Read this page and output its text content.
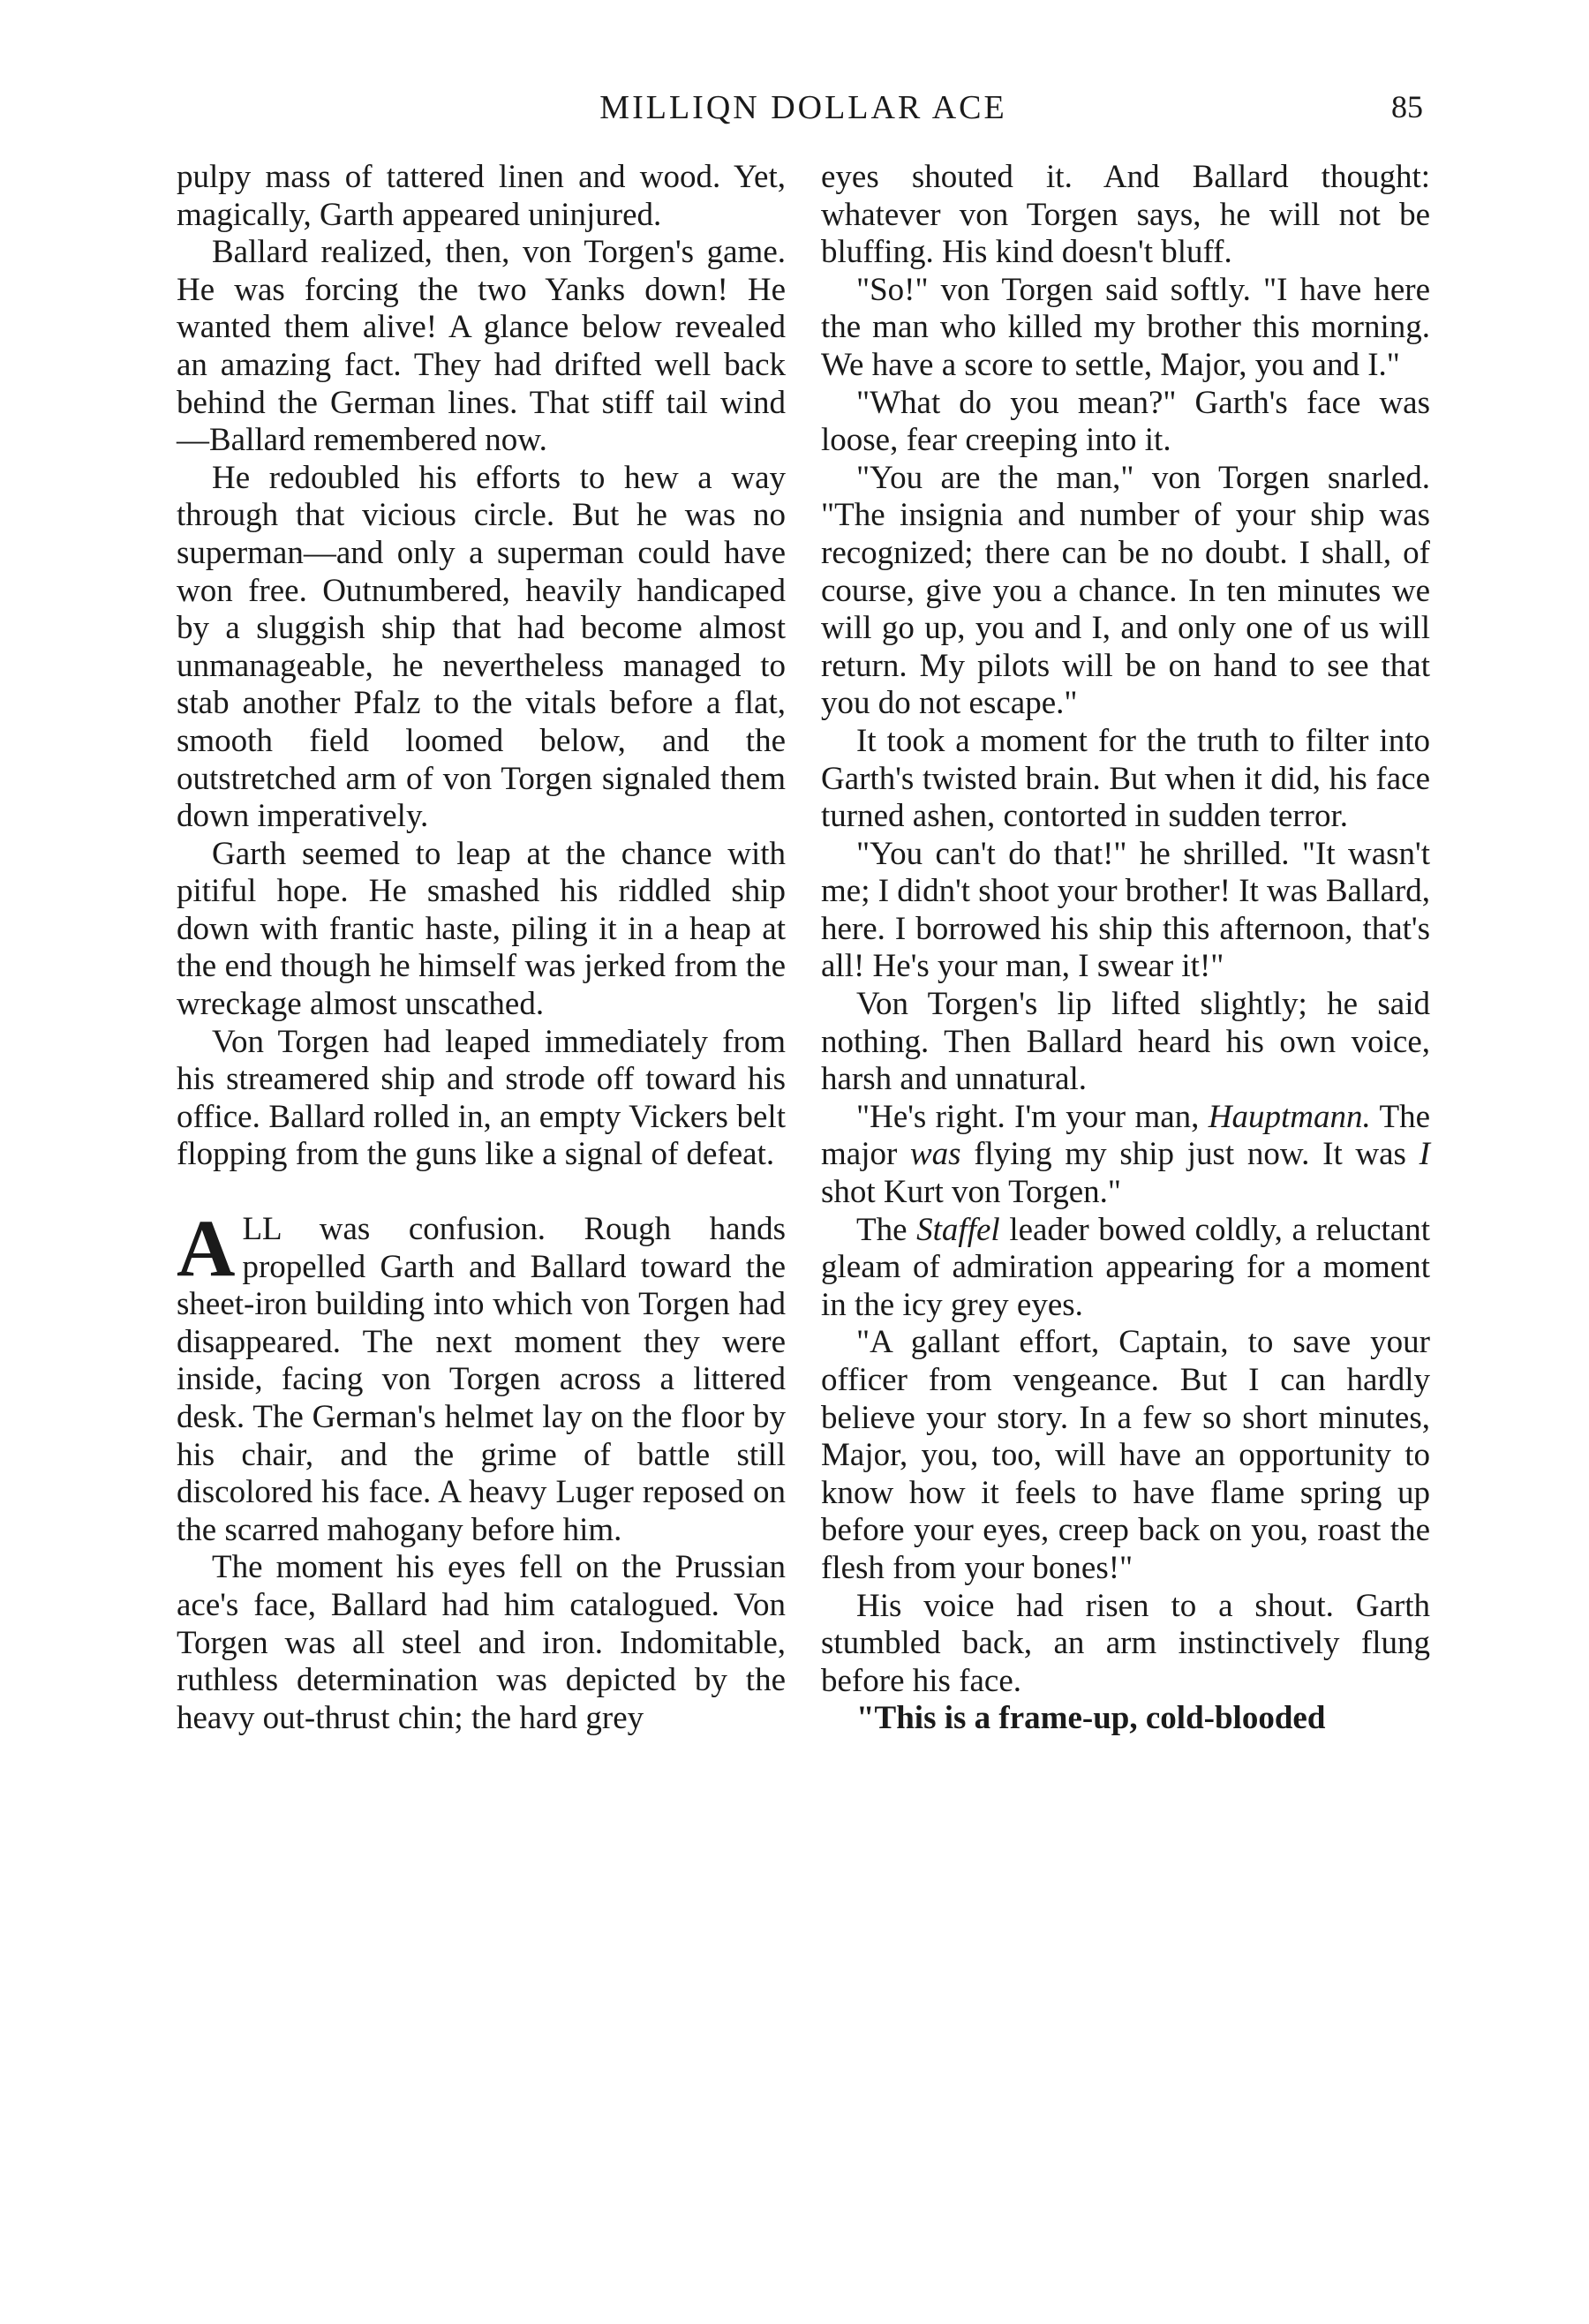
MILLIQN DOLLAR ACE	85

pulpy mass of tattered linen and wood. Yet, magically, Garth appeared uninjured.

Ballard realized, then, von Torgen's game. He was forcing the two Yanks down! He wanted them alive! A glance below revealed an amazing fact. They had drifted well back behind the German lines. That stiff tail wind—Ballard remembered now.

He redoubled his efforts to hew a way through that vicious circle. But he was no superman—and only a superman could have won free. Outnumbered, heavily handicaped by a sluggish ship that had become almost unmanageable, he nevertheless managed to stab another Pfalz to the vitals before a flat, smooth field loomed below, and the outstretched arm of von Torgen signaled them down imperatively.

Garth seemed to leap at the chance with pitiful hope. He smashed his riddled ship down with frantic haste, piling it in a heap at the end though he himself was jerked from the wreckage almost unscathed.

Von Torgen had leaped immediately from his streamered ship and strode off toward his office. Ballard rolled in, an empty Vickers belt flopping from the guns like a signal of defeat.

ALL was confusion. Rough hands propelled Garth and Ballard toward the sheet-iron building into which von Torgen had disappeared. The next moment they were inside, facing von Torgen across a littered desk. The German's helmet lay on the floor by his chair, and the grime of battle still discolored his face. A heavy Luger reposed on the scarred mahogany before him.

The moment his eyes fell on the Prussian ace's face, Ballard had him catalogued. Von Torgen was all steel and iron. Indomitable, ruthless determination was depicted by the heavy out-thrust chin; the hard grey

eyes shouted it. And Ballard thought: whatever von Torgen says, he will not be bluffing. His kind doesn't bluff.

"So!" von Torgen said softly. "I have here the man who killed my brother this morning. We have a score to settle, Major, you and I."

"What do you mean?" Garth's face was loose, fear creeping into it.

"You are the man," von Torgen snarled. "The insignia and number of your ship was recognized; there can be no doubt. I shall, of course, give you a chance. In ten minutes we will go up, you and I, and only one of us will return. My pilots will be on hand to see that you do not escape."

It took a moment for the truth to filter into Garth's twisted brain. But when it did, his face turned ashen, contorted in sudden terror.

"You can't do that!" he shrilled. "It wasn't me; I didn't shoot your brother! It was Ballard, here. I borrowed his ship this afternoon, that's all! He's your man, I swear it!"

Von Torgen's lip lifted slightly; he said nothing. Then Ballard heard his own voice, harsh and unnatural.

"He's right. I'm your man, Hauptmann. The major was flying my ship just now. It was I shot Kurt von Torgen."

The Staffel leader bowed coldly, a reluctant gleam of admiration appearing for a moment in the icy grey eyes.

"A gallant effort, Captain, to save your officer from vengeance. But I can hardly believe your story. In a few so short minutes, Major, you, too, will have an opportunity to know how it feels to have flame spring up before your eyes, creep back on you, roast the flesh from your bones!"

His voice had risen to a shout. Garth stumbled back, an arm instinctively flung before his face.

"This is a frame-up, cold-blooded
